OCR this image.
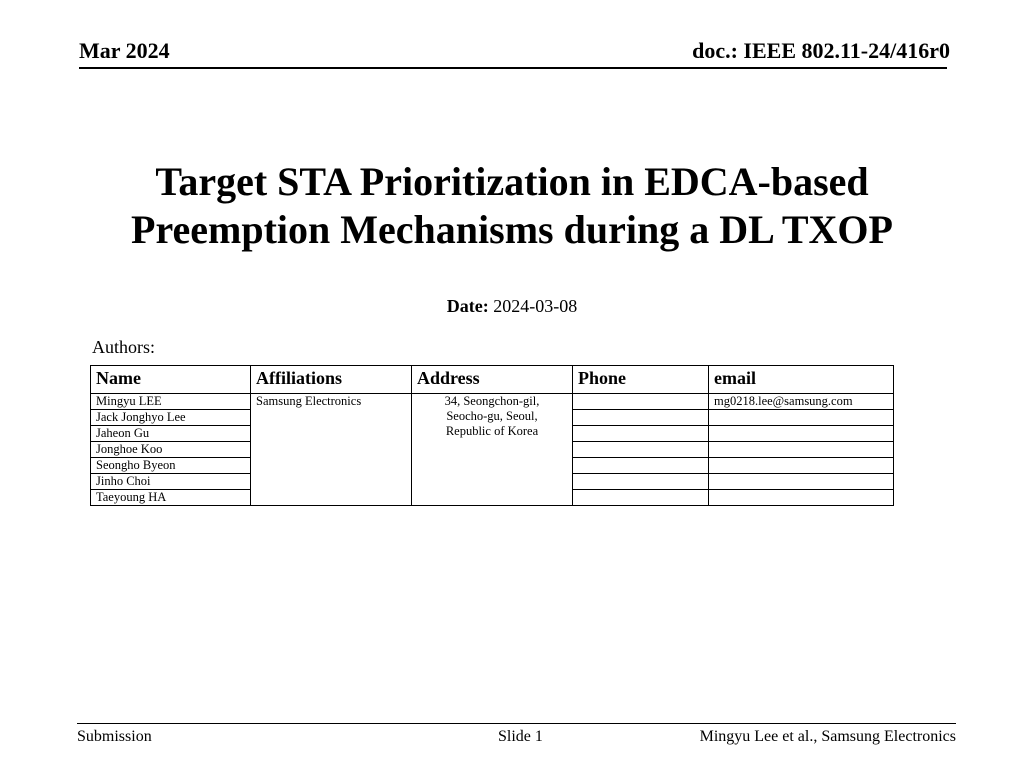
Mar 2024	doc.: IEEE 802.11-24/416r0
Target STA Prioritization in EDCA-based
Preemption Mechanisms during a DL TXOP
Date: 2024-03-08
Authors:
Name	Affiliations	Address	Phone	email
Mingyu LEE	Samsung Electronics	34, Seongchon-gil,
Seocho-gu, Seoul,
Republic of Korea		mg0218.lee@samsung.com
Jack Jonghyo Lee				
Jaheon Gu				
Jonghoe Koo				
Seongho Byeon				
Jinho Choi				
Taeyoung HA				
Submission	Slide 1	Mingyu Lee et al., Samsung Electronics
